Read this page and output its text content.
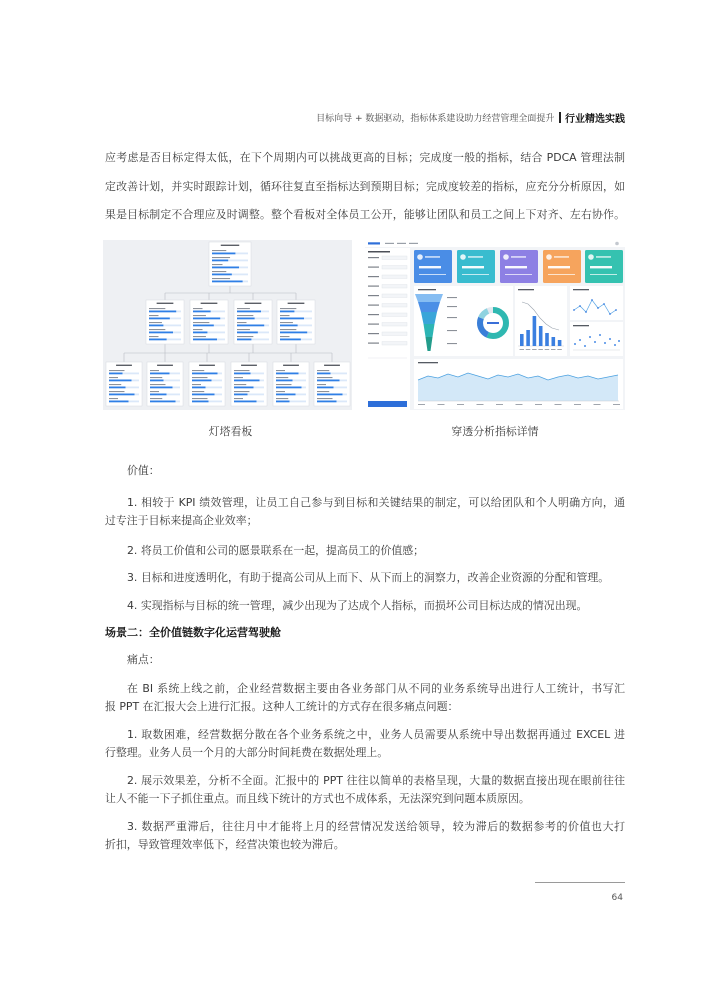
目标向导 + 数据驱动，指标体系建设助力经营管理全面提升 行业精选实践
应考虑是否目标定得太低，在下个周期内可以挑战更高的目标；完成度一般的指标，结合 PDCA 管理法制
定改善计划，并实时跟踪计划，循环往复直至指标达到预期目标；完成度较差的指标，应充分分析原因，如
果是目标制定不合理应及时调整。整个看板对全体员工公开，能够让团队和员工之间上下对齐、左右协作。
灯塔看板	穿透分析指标详情
价值：
1. 相较于 KPI 绩效管理，让员工自己参与到目标和关键结果的制定，可以给团队和个人明确方向，通
过专注于目标来提高企业效率；
2. 将员工价值和公司的愿景联系在一起，提高员工的价值感；
3. 目标和进度透明化，有助于提高公司从上而下、从下而上的洞察力，改善企业资源的分配和管理。
4. 实现指标与目标的统一管理，减少出现为了达成个人指标，而损坏公司目标达成的情况出现。
场景二：全价值链数字化运营驾驶舱
痛点：
在 BI 系统上线之前，企业经营数据主要由各业务部门从不同的业务系统导出进行人工统计，书写汇
报 PPT 在汇报大会上进行汇报。这种人工统计的方式存在很多痛点问题：
1. 取数困难，经营数据分散在各个业务系统之中，业务人员需要从系统中导出数据再通过 EXCEL 进
行整理。业务人员一个月的大部分时间耗费在数据处理上。
2. 展示效果差，分析不全面。汇报中的 PPT 往往以简单的表格呈现，大量的数据直接出现在眼前往往
让人不能一下子抓住重点。而且线下统计的方式也不成体系，无法深究到问题本质原因。
3. 数据严重滞后，往往月中才能将上月的经营情况发送给领导，较为滞后的数据参考的价值也大打
折扣，导致管理效率低下，经营决策也较为滞后。
64
